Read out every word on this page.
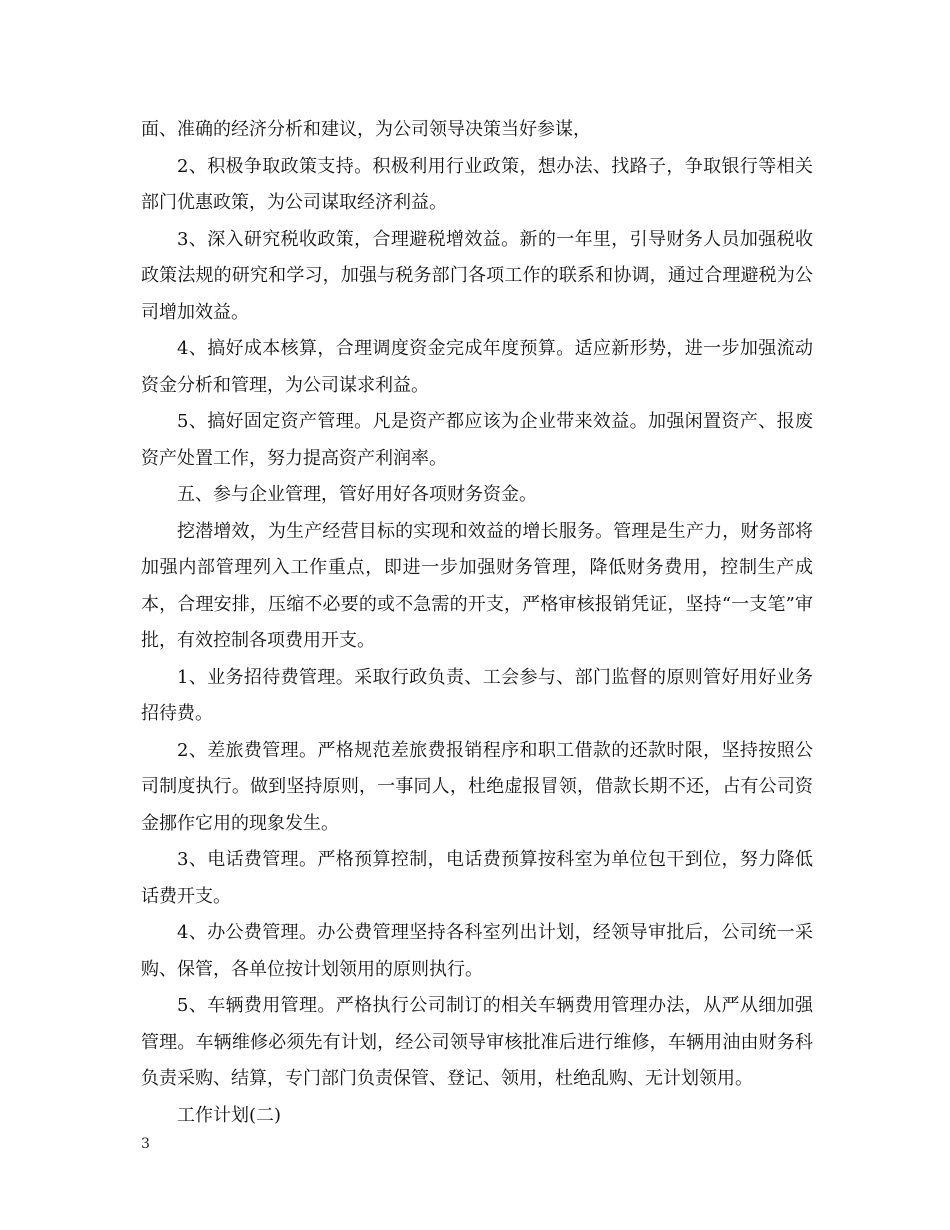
面、准确的经济分析和建议，为公司领导决策当好参谋，

2、积极争取政策支持。积极利用行业政策，想办法、找路子，争取银行等相关部门优惠政策，为公司谋取经济利益。

3、深入研究税收政策，合理避税增效益。新的一年里，引导财务人员加强税收政策法规的研究和学习，加强与税务部门各项工作的联系和协调，通过合理避税为公司增加效益。

4、搞好成本核算，合理调度资金完成年度预算。适应新形势，进一步加强流动资金分析和管理，为公司谋求利益。

5、搞好固定资产管理。凡是资产都应该为企业带来效益。加强闲置资产、报废资产处置工作，努力提高资产利润率。

五、参与企业管理，管好用好各项财务资金。

挖潜增效，为生产经营目标的实现和效益的增长服务。管理是生产力，财务部将加强内部管理列入工作重点，即进一步加强财务管理，降低财务费用，控制生产成本，合理安排，压缩不必要的或不急需的开支，严格审核报销凭证，坚持“一支笔”审批，有效控制各项费用开支。

1、业务招待费管理。采取行政负责、工会参与、部门监督的原则管好用好业务招待费。

2、差旅费管理。严格规范差旅费报销程序和职工借款的还款时限，坚持按照公司制度执行。做到坚持原则，一事同人，杜绝虚报冒领，借款长期不还，占有公司资金挪作它用的现象发生。

3、电话费管理。严格预算控制，电话费预算按科室为单位包干到位，努力降低话费开支。

4、办公费管理。办公费管理坚持各科室列出计划，经领导审批后，公司统一采购、保管，各单位按计划领用的原则执行。

5、车辆费用管理。严格执行公司制订的相关车辆费用管理办法，从严从细加强管理。车辆维修必须先有计划，经公司领导审核批准后进行维修，车辆用油由财务科负责采购、结算，专门部门负责保管、登记、领用，杜绝乱购、无计划领用。

工作计划(二)

3
